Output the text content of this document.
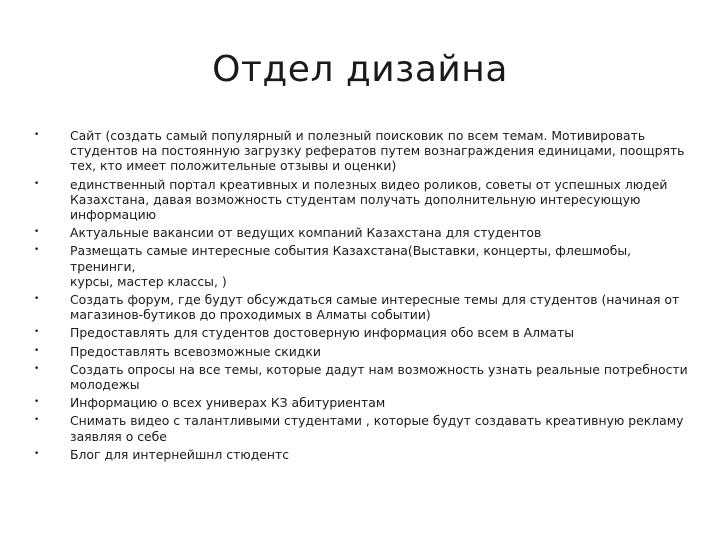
Отдел дизайна
•	Сайт (создать самый популярный и полезный поисковик по всем темам. Мотивировать
студентов на постоянную загрузку рефератов путем вознаграждения единицами, поощрять
тех, кто имеет положительные отзывы и оценки)
•	единственный портал креативных и полезных видео роликов, советы от успешных людей
Казахстана, давая возможность студентам получать дополнительную интересующую
информацию
•	Актуальные вакансии от ведущих компаний Казахстана для студентов
•	Размещать самые интересные события Казахстана(Выставки, концерты, флешмобы, тренинги,
курсы, мастер классы, )
•	Создать форум, где будут обсуждаться самые интересные темы для студентов (начиная от
магазинов-бутиков до проходимых в Алматы событии)
•	Предоставлять для студентов достоверную информация обо всем в Алматы
•	Предоставлять всевозможные скидки
•	Создать опросы на все темы, которые дадут нам возможность узнать реальные потребности
молодежы
•	Информацию о всех универах КЗ абитуриентам
•	Снимать видео с талантливыми студентами , которые будут создавать креативную рекламу
заявляя о себе
•	Блог для интернейшнл стюдентс
